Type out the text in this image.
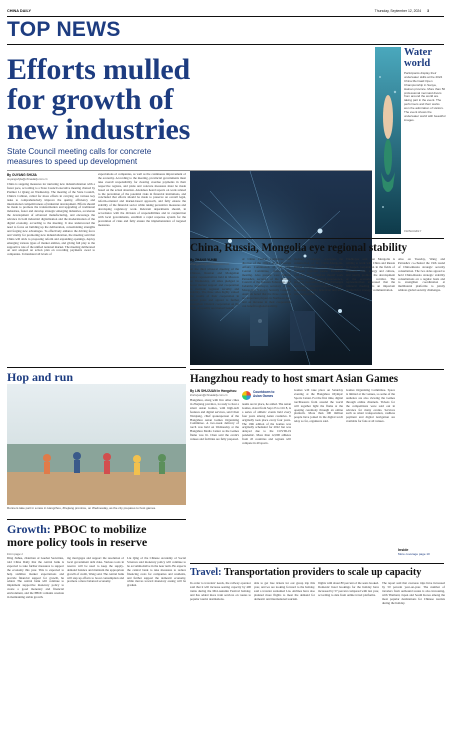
CHINA DAILY	Thursday, September 12, 2024 3
TOP NEWS
Efforts mulled
for growth of
new industries
State Council meeting calls for concrete
measures to speed up development
By OUYANG SHIJIA
ouyangshijia@chinadaily.com.cn
China is stepping measures for nurturing new industrialization with a faster pace, according to a State Council executive meeting chaired by Premier Li Qiang on Wednesday. The meeting of the State Council, China's Cabinet, called for more efforts in carrying out various key tasks to comprehensively improve the quality, efficiency and international competitiveness of industrial development. Efforts should be made to promote the transformation and upgrading of traditional industries, foster and develop strategic emerging industries, accelerate the development of advanced manufacturing, and encourage the advance in both industrial digitalization and the modernization of the digital economy, according to the meeting. It also underscored the need to focus on building up the deliberation, consolidating strengths and forging new advantages. To effectively enhance the driving force and vitality for promoting new industrialization, the meeting said that China will stick to proposing reform and expanding openings, deploy emerging various types of market entities, and giving full play to the supportive role of the unified national market. The meeting deliberated on and adopted an action plan on recording payments owed to companies. It mandated all levels of
expectations of companies, as well as the continuous improvement of the economy. According to the meeting, provincial governments must take overall responsibility for clearing overdue payments in their respective regions, and plans and concrete measures must be made based on the actual situation. Attendees heard reports on work related to the prevention of the potential risks in financial institutions, and concluded that efforts should be made to preserve an overall legal, reform-oriented and market-based approach, and fully ensure the stability of the financial sector while taking preventive measures and developing regulatory work. Relevant departments should, in accordance with the division of responsibilities and in conjunction with local governments, establish a rapid response system for the prevention of risks and fully ensure the implementation of targeted measures.
Hop and run
Runners take part in a race in Hangzhou, Zhejiang province, on Wednesday, as the city prepares to host games.
Growth: PBOC to mobilize
more policy tools in reserve
From page 1
Ding Jiahua, chairman of Guohai Securities, told China Daily that the central bank is expected to take further measures to support the economy this year. This is expected to help stabilize market expectations and provide financial support for growth, he added. The central bank will continue to implement supportive monetary policy to create a good monetary and financial environment, and the PBOC remains resolute in maintaining stable growth.
ing mortgages and support the resolution of local government debt risks. Various tools in reserve will be used to keep the supply-demand balance and maintain the appropriate growth of credit, Wang said. The central bank will step up efforts to boost consumption and promote a more balanced economy.
Liu Qing of the Chinese Academy of Social Sciences said monetary policy will continue to be accommodative in the near term. He expects the central bank to take measures to reduce financing costs for companies and residents, and further support the domestic economy, while moves toward monetary easing will be gradual.
Water
world
Participants display their underwater skills at the 2024 China Mermaid Open Championship in Sanya, Hainan province. More than 50 professional mermaid divers from around the world are taking part in the event. The performers and their works won the admiration of visitors. The event shows the underwater world with beautiful images.
CHINA DAILY
China, Russia, Mongolia eye regional stability
By ZHANG YUNBI
zhangyunbi@chinadaily.com.cn
At the third trilateral meeting of the Chinese, Russian and Mongolian senior representatives held in Moscow on Wednesday, all sides pledged to boost mutual support and cooperation to maintain regional security and stability. The three sides highly valued the results of their cooperation in recent years and agreed to further strengthen trilateral cooperation on the basis of equality and mutual benefit.
of China Central Committee and director of the Office of the Foreign Affairs Commission of the CPC Central Committee, attended the meeting. Also present were Nikolai Patrushev, secretary of the Security Council of the Russian Federation, and Jadamba Enkhbayar, secretary of the Mongolian National Security Council. Analysts noted that the three countries are important players in Northeast Asia and an increase in their cooperation can benefit regional stability.
mentary advantages, accelerate the construction of the China-Mongolia-Russia economic corridor and jointly maintain regional peace. Patrushev said the three countries should work together to resist external interference, properly deal with emerging challenges and jointly safeguard regional security, achieving mutually beneficial and win-win development.
Enkhbayar said that Mongolia is willing to work with China and Russia to deepen cooperation in the fields of economy, trade, energy and culture, and jointly promote the development of the economic corridor. The representatives expressed that the trilateral meeting is an important platform for strategic communication.
Also on Tuesday, Wang and Patrushev co-chaired the 19th round of China-Russia strategic security consultation. The two sides agreed to hold China-Russia strategic stability consultations on a regular basis and to strengthen coordination at multilateral platforms to jointly address global security challenges.
Hangzhou ready to host smart Asian Games
By LIN SHUJUAN in Hangzhou
linshujuan@chinadaily.com.cn
Countdown to
Asian Games
Hangzhou, along with five other cities in Zhejiang province, is ready to host a smart Asian Games, with high-tech features and digital services, said Chen Weiqiang, chief spokesperson of the Hangzhou Asian Games Organizing Committee. A two-week delivery of torch was held on Wednesday at the Hangzhou Media Center as the Games flame was lit. Chen said the event's venues and facilities are fully prepared.
teams are in place, he added. The Asian Games, slated from Sept 23 to Oct 8, is a series of athletic events held every four years among Asian countries. It originally took place every four years. The 19th edition of the Games was originally scheduled for 2022 but was delayed due to the COVID-19 pandemic. More than 12,000 athletes from 45 countries and regions will compete in 40 sports.
Games will take place on Saturday evening at the Hangzhou Olympic Sports Center. For the first time, digital torchbearers from around the world will together light the flame at the opening ceremony through an online platform. More than 100 million people have joined in the digital torch relay so far, organizers said.
Games Organizing Committee. Space is limited at the venues, so some of the audience are also viewing the Games through online channels. Tickets for the competitions were sold out in advance for many events. Services such as smart transportation, cashless payment and digital navigation are available for fans at all venues.
Inside
More coverage page 10
Travel: Transportation providers to scale up capacity
In order to travelers' needs, the railway operator said that it will increase seating capacity by 400 trains during the Mid-Autumn Festival holiday, and has added more train services on routes to popular tourist destinations.
able to get free tickets for our group trip this year, and we are looking forward to the holiday, said a traveler surnamed Liu. Airlines have also planned more flights to meet the demand for domestic and international tourism.
flights with about 80 percent of the seats booked. Domestic hotel bookings for the holiday have increased by 57 percent compared with last year, according to data from online travel platforms.
The report said that overseas trips have increased by 50 percent year-on-year. The number of travelers from outbound routes is also increasing, with Thailand, Japan and South Korea among the most popular destinations for Chinese tourists during the holiday.
